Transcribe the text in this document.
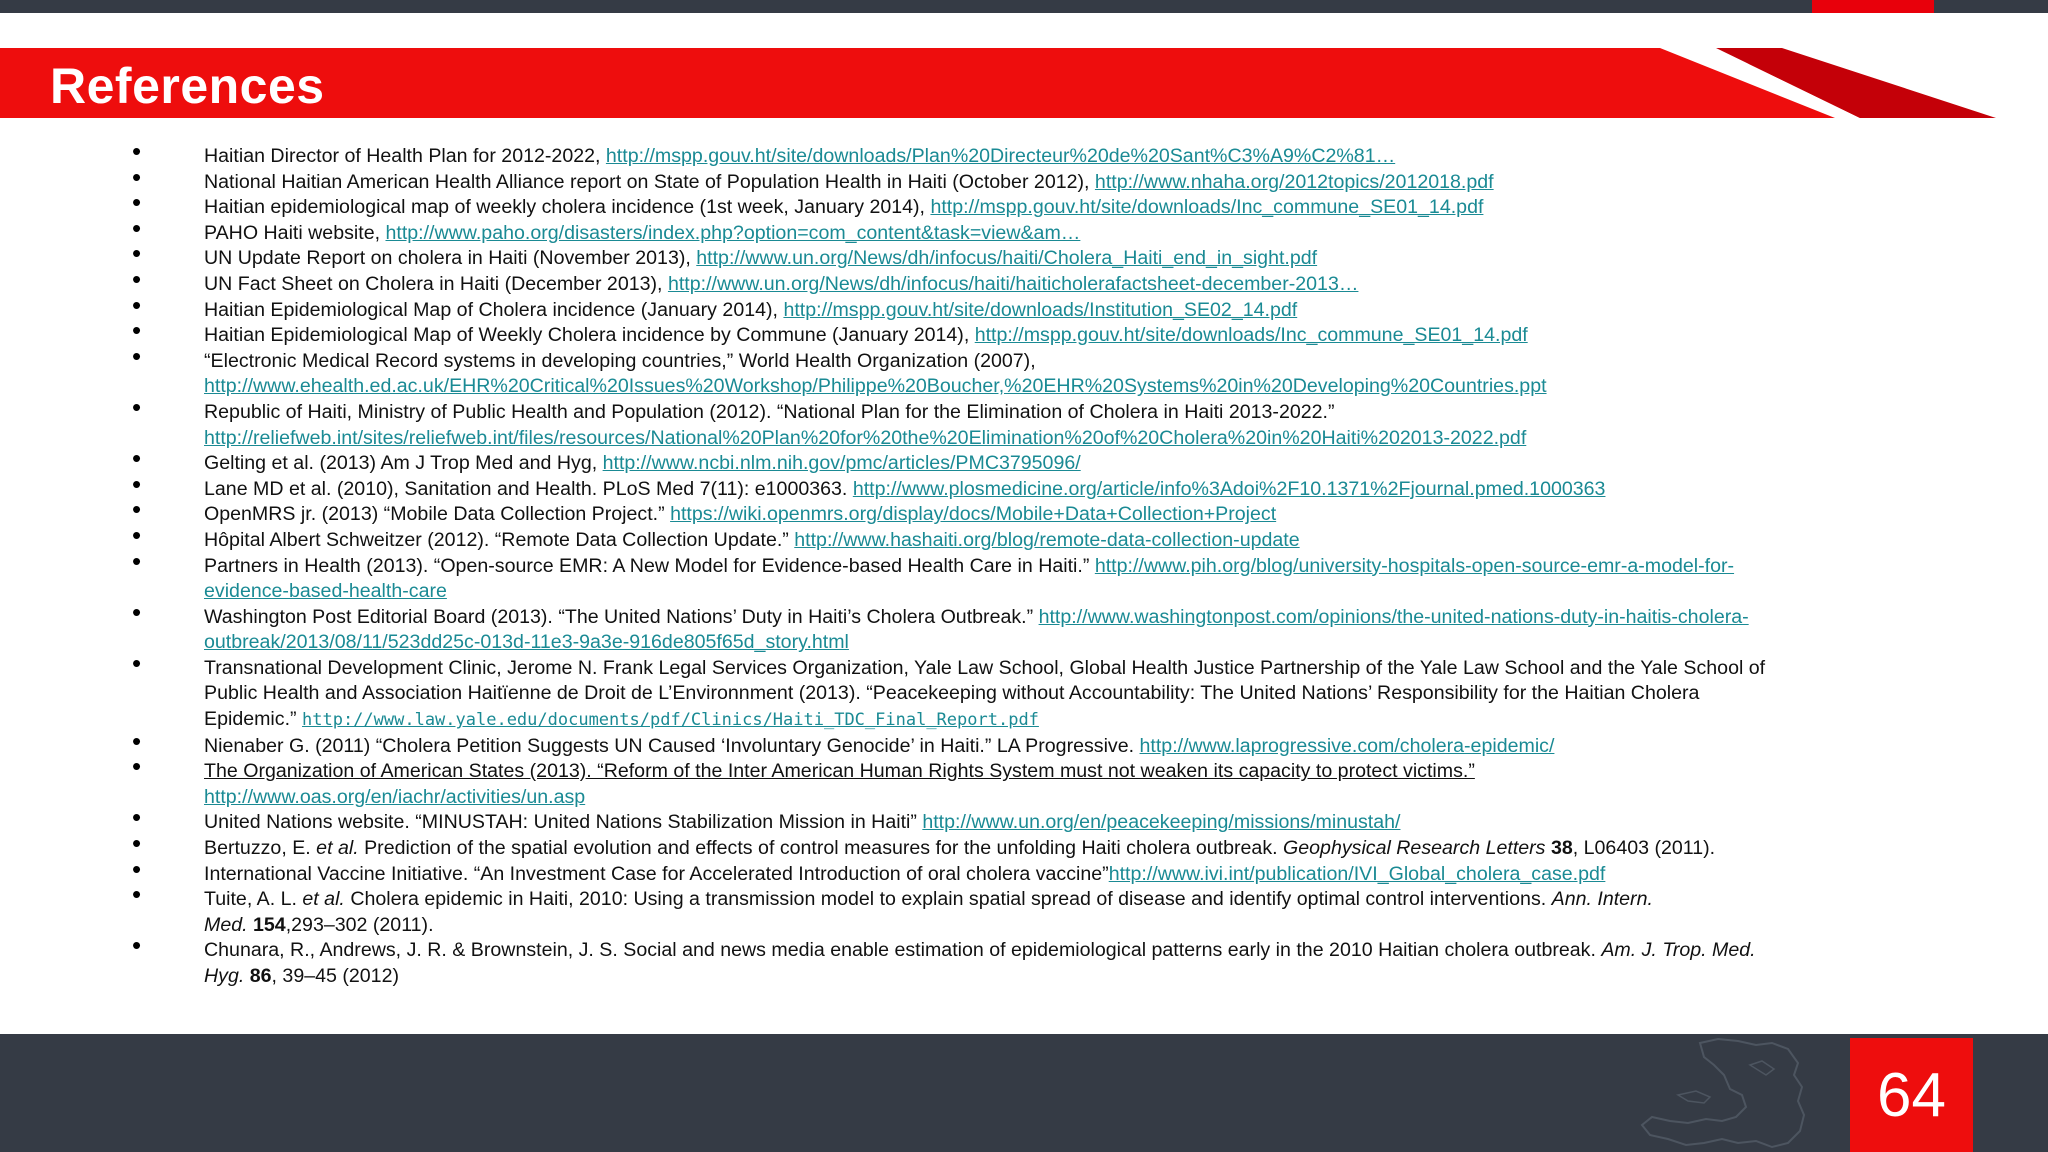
References
•	Haitian Director of Health Plan for 2012-2022, http://mspp.gouv.ht/site/downloads/Plan%20Directeur%20de%20Sant%C3%A9%C2%81…
•	National Haitian American Health Alliance report on State of Population Health in Haiti (October 2012), http://www.nhaha.org/2012topics/2012018.pdf
•	Haitian epidemiological map of weekly cholera incidence (1st week, January 2014), http://mspp.gouv.ht/site/downloads/Inc_commune_SE01_14.pdf
•	PAHO Haiti website, http://www.paho.org/disasters/index.php?option=com_content&task=view&am…
•	UN Update Report on cholera in Haiti (November 2013), http://www.un.org/News/dh/infocus/haiti/Cholera_Haiti_end_in_sight.pdf
•	UN Fact Sheet on Cholera in Haiti (December 2013), http://www.un.org/News/dh/infocus/haiti/haiticholerafactsheet-december-2013…
•	Haitian Epidemiological Map of Cholera incidence (January 2014), http://mspp.gouv.ht/site/downloads/Institution_SE02_14.pdf
•	Haitian Epidemiological Map of Weekly Cholera incidence by Commune (January 2014), http://mspp.gouv.ht/site/downloads/Inc_commune_SE01_14.pdf
•	“Electronic Medical Record systems in developing countries,” World Health Organization (2007),
http://www.ehealth.ed.ac.uk/EHR%20Critical%20Issues%20Workshop/Philippe%20Boucher,%20EHR%20Systems%20in%20Developing%20Countries.ppt
•	Republic of Haiti, Ministry of Public Health and Population (2012). “National Plan for the Elimination of Cholera in Haiti 2013-2022.”
http://reliefweb.int/sites/reliefweb.int/files/resources/National%20Plan%20for%20the%20Elimination%20of%20Cholera%20in%20Haiti%202013-2022.pdf
•	Gelting et al. (2013) Am J Trop Med and Hyg, http://www.ncbi.nlm.nih.gov/pmc/articles/PMC3795096/
•	Lane MD et al. (2010), Sanitation and Health. PLoS Med 7(11): e1000363. http://www.plosmedicine.org/article/info%3Adoi%2F10.1371%2Fjournal.pmed.1000363
•	OpenMRS jr. (2013) “Mobile Data Collection Project.” https://wiki.openmrs.org/display/docs/Mobile+Data+Collection+Project
•	Hôpital Albert Schweitzer (2012). “Remote Data Collection Update.” http://www.hashaiti.org/blog/remote-data-collection-update
•	Partners in Health (2013). “Open-source EMR: A New Model for Evidence-based Health Care in Haiti.” http://www.pih.org/blog/university-hospitals-open-source-emr-a-model-for-
evidence-based-health-care
•	Washington Post Editorial Board (2013). “The United Nations’ Duty in Haiti’s Cholera Outbreak.” http://www.washingtonpost.com/opinions/the-united-nations-duty-in-haitis-cholera-
outbreak/2013/08/11/523dd25c-013d-11e3-9a3e-916de805f65d_story.html
•	Transnational Development Clinic, Jerome N. Frank Legal Services Organization, Yale Law School, Global Health Justice Partnership of the Yale Law School and the Yale School of
Public Health and Association Haitïenne de Droit de L’Environnment (2013). “Peacekeeping without Accountability: The United Nations’ Responsibility for the Haitian Cholera
Epidemic.” http://www.law.yale.edu/documents/pdf/Clinics/Haiti_TDC_Final_Report.pdf
•	Nienaber G. (2011) “Cholera Petition Suggests UN Caused ‘Involuntary Genocide’ in Haiti.” LA Progressive. http://www.laprogressive.com/cholera-epidemic/
•	The Organization of American States (2013). “Reform of the Inter American Human Rights System must not weaken its capacity to protect victims.”
http://www.oas.org/en/iachr/activities/un.asp
•	United Nations website. “MINUSTAH: United Nations Stabilization Mission in Haiti” http://www.un.org/en/peacekeeping/missions/minustah/
•	Bertuzzo, E. et al. Prediction of the spatial evolution and effects of control measures for the unfolding Haiti cholera outbreak. Geophysical Research Letters 38, L06403 (2011).
•	International Vaccine Initiative. “An Investment Case for Accelerated Introduction of oral cholera vaccine”http://www.ivi.int/publication/IVI_Global_cholera_case.pdf
•	Tuite, A. L. et al. Cholera epidemic in Haiti, 2010: Using a transmission model to explain spatial spread of disease and identify optimal control interventions. Ann. Intern.
Med. 154,293–302 (2011).
•	Chunara, R., Andrews, J. R. & Brownstein, J. S. Social and news media enable estimation of epidemiological patterns early in the 2010 Haitian cholera outbreak. Am. J. Trop. Med.
Hyg. 86, 39–45 (2012)
64
